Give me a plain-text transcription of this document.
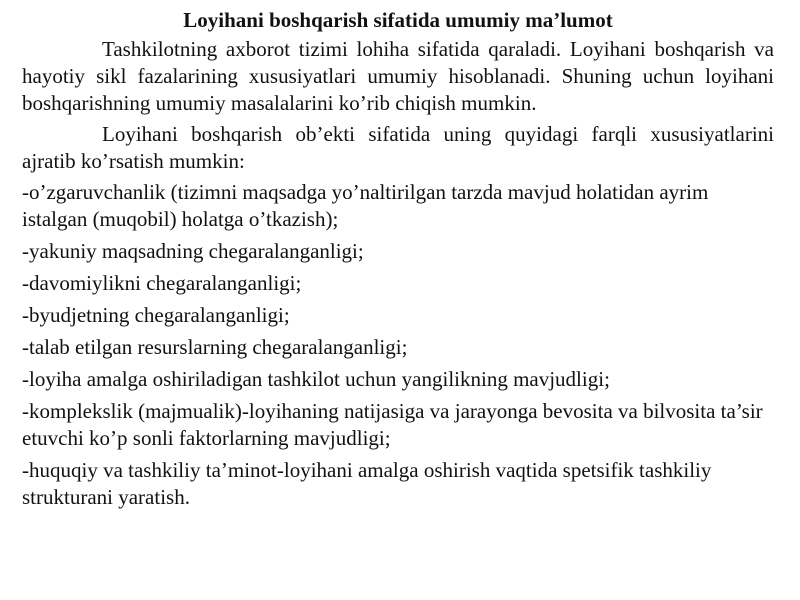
Loyihani boshqarish sifatida umumiy ma’lumot

Tashkilotning axborot tizimi lohiha sifatida qaraladi. Loyihani boshqarish va hayotiy sikl fazalarining xususiyatlari umumiy hisoblanadi. Shuning uchun loyihani boshqarishning umumiy masalalarini ko’rib chiqish mumkin.

Loyihani boshqarish ob’ekti sifatida uning quyidagi farqli xususiyatlarini ajratib ko’rsatish mumkin:

-o’zgaruvchanlik (tizimni maqsadga yo’naltirilgan tarzda mavjud holatidan ayrim istalgan (muqobil) holatga o’tkazish);
-yakuniy maqsadning chegaralanganligi;
-davomiylikni chegaralanganligi;
-byudjetning chegaralanganligi;
-talab etilgan resurslarning chegaralanganligi;
-loyiha amalga oshiriladigan tashkilot uchun yangilikning mavjudligi;
-komplekslik (majmualik)-loyihaning natijasiga va jarayonga bevosita va bilvosita ta’sir etuvchi ko’p sonli faktorlarning mavjudligi;
-huquqiy va tashkiliy ta’minot-loyihani amalga oshirish vaqtida spetsifik tashkiliy strukturani yaratish.
